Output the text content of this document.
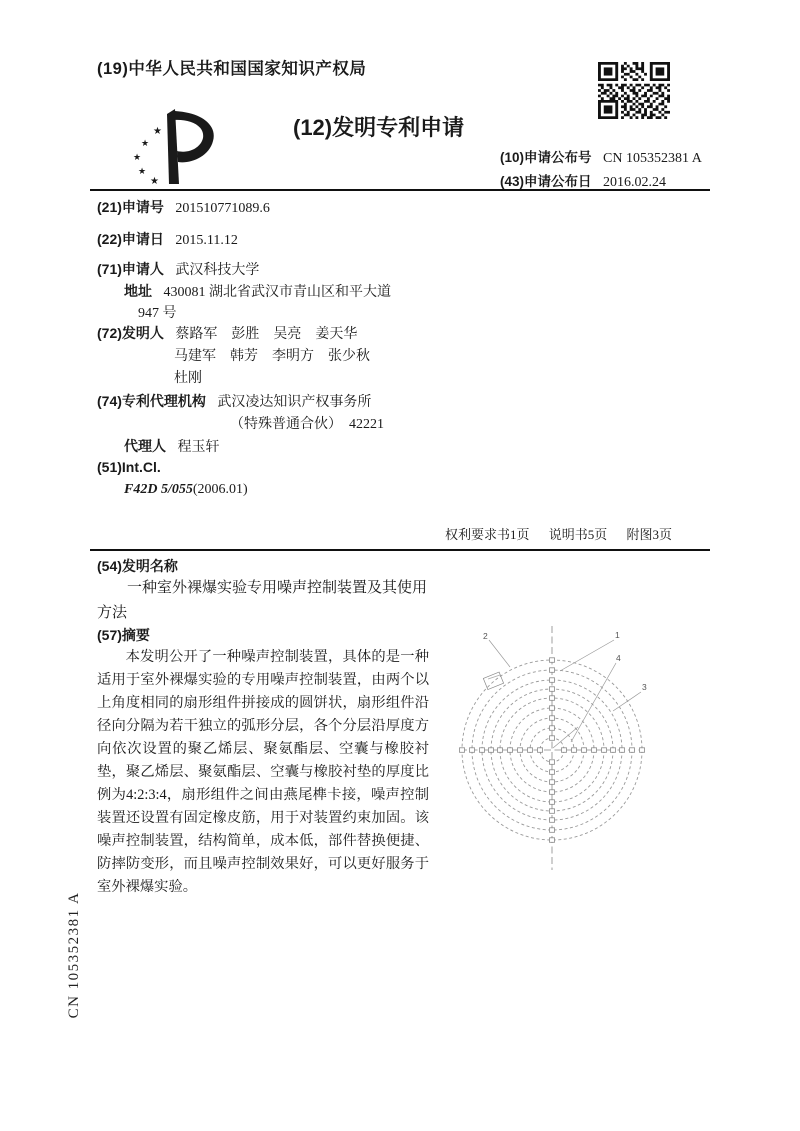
(19)中华人民共和国国家知识产权局
★
★
★
★
★
(12)发明专利申请
(10)申请公布号 CN 105352381 A
(43)申请公布日 2016.02.24
(21)申请号 201510771089.6
(22)申请日 2015.11.12
(71)申请人 武汉科技大学
地址 430081 湖北省武汉市青山区和平大道
947 号
(72)发明人 蔡路军　彭胜　吴亮　姜天华
马建军　韩芳　李明方　张少秋
杜刚
(74)专利代理机构 武汉凌达知识产权事务所
（特殊普通合伙）　42221
代理人 程玉轩
(51)Int.Cl.
F42D 5/055(2006.01)
权利要求书1页 说明书5页 附图3页
(54)发明名称
一种室外裸爆实验专用噪声控制装置及其使用方法
(57)摘要
本发明公开了一种噪声控制装置，具体的是一种适用于室外裸爆实验的专用噪声控制装置，由两个以上角度相同的扇形组件拼接成的圆饼状，扇形组件沿径向分隔为若干独立的弧形分层，各个分层沿厚度方向依次设置的聚乙烯层、聚氨酯层、空囊与橡胶衬垫，聚乙烯层、聚氨酯层、空囊与橡胶衬垫的厚度比例为4:2:3:4，扇形组件之间由燕尾榫卡接，噪声控制装置还设置有固定橡皮筋，用于对装置约束加固。该噪声控制装置，结构简单，成本低，部件替换便捷、防摔防变形，而且噪声控制效果好，可以更好服务于室外裸爆实验。
2	1
4
3
CN 105352381 A
